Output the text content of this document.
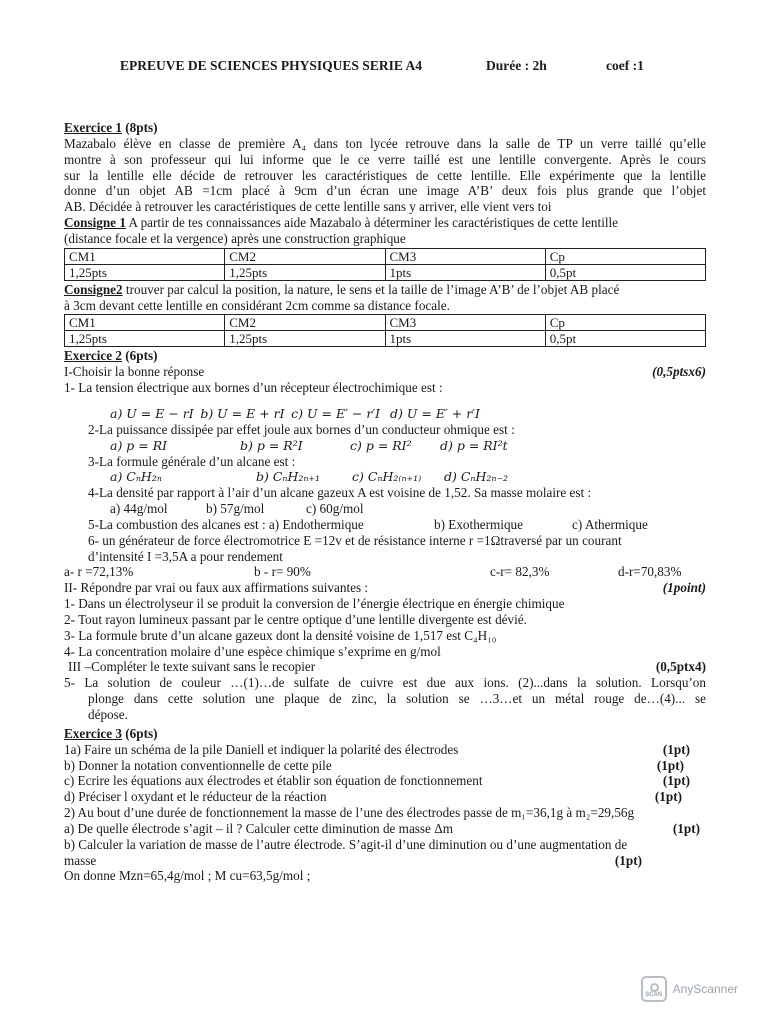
EPREUVE DE SCIENCES PHYSIQUES SERIE A4	Durée : 2h	coef :1
Exercice 1 (8pts)
Mazabalo élève en classe de première A₄ dans ton lycée retrouve dans la salle de TP un verre taillé qu’elle
montre à son professeur qui lui informe que le ce verre taillé est une lentille convergente. Après le cours
sur la lentille elle décide de retrouver les caractéristiques de cette lentille. Elle expérimente que la lentille
donne d’un objet AB =1cm placé à 9cm d’un écran une image A’B’ deux fois plus grande que l’objet
AB. Décidée à retrouver les caractéristiques de cette lentille sans y arriver, elle vient vers toi
Consigne 1 A partir de tes connaissances aide Mazabalo à déterminer les caractéristiques de cette lentille
(distance focale et la vergence) après une construction graphique
CM1	CM2	CM3	Cp
1,25pts	1,25pts	1pts	0,5pt
Consigne2 trouver par calcul la position, la nature, le sens et la taille de l’image A’B’ de l’objet AB placé
à 3cm devant cette lentille en considérant 2cm comme sa distance focale.
CM1	CM2	CM3	Cp
1,25pts	1,25pts	1pts	0,5pt
Exercice 2 (6pts)
I-Choisir la bonne réponse	(0,5ptsx6)
1- La tension électrique aux bornes d’un récepteur électrochimique est :
a) U = E − rI b) U = E + rI c) U = E′ − r′I d) U = E′ + r′I
2-La puissance dissipée par effet joule aux bornes d’un conducteur ohmique est :
a) p = RI	b) p = R²I	c) p = RI² d) p = RI²t
3-La formule générale d’un alcane est :
a) CₙH₂ₙ	b) CₙH₂ₙ₊₁	c) CₙH₂₍ₙ₊₁₎ d) CₙH₂ₙ₋₂
4-La densité par rapport à l’air d’un alcane gazeux A est voisine de 1,52. Sa masse molaire est :
a) 44g/mol	b) 57g/mol	c) 60g/mol
5-La combustion des alcanes est : a) Endothermique	b) Exothermique	c) Athermique
6- un générateur de force électromotrice E =12v et de résistance interne r =1Ωtraversé par un courant
d’intensité I =3,5A a pour rendement
a- r =72,13%	b - r= 90%	c-r= 82,3%	d-r=70,83%
II- Répondre par vrai ou faux aux affirmations suivantes :	(1point)
1- Dans un électrolyseur il se produit la conversion de l’énergie électrique en énergie chimique
2- Tout rayon lumineux passant par le centre optique d’une lentille divergente est dévié.
3- La formule brute d’un alcane gazeux dont la densité voisine de 1,517 est C₄H₁₀
4- La concentration molaire d’une espèce chimique s’exprime en g/mol
III –Compléter le texte suivant sans le recopier	(0,5ptx4)
5- La solution de couleur …(1)…de sulfate de cuivre est due aux ions. (2)...dans la solution. Lorsqu’on
plonge dans cette solution une plaque de zinc, la solution se …3…et un métal rouge de…(4)... se
dépose.
Exercice 3 (6pts)
1a) Faire un schéma de la pile Daniell et indiquer la polarité des électrodes	(1pt)
b) Donner la notation conventionnelle de cette pile	(1pt)
c) Ecrire les équations aux électrodes et établir son équation de fonctionnement	(1pt)
d) Préciser l oxydant et le réducteur de la réaction	(1pt)
2) Au bout d’une durée de fonctionnement la masse de l’une des électrodes passe de m₁=36,1g à m₂=29,56g
a) De quelle électrode s’agit – il ? Calculer cette diminution de masse Δm	(1pt)
b) Calculer la variation de masse de l’autre électrode. S’agit-il d’une diminution ou d’une augmentation de
masse	(1pt)
On donne Mzn=65,4g/mol ; M cu=63,5g/mol ;
SCAN AnyScanner
